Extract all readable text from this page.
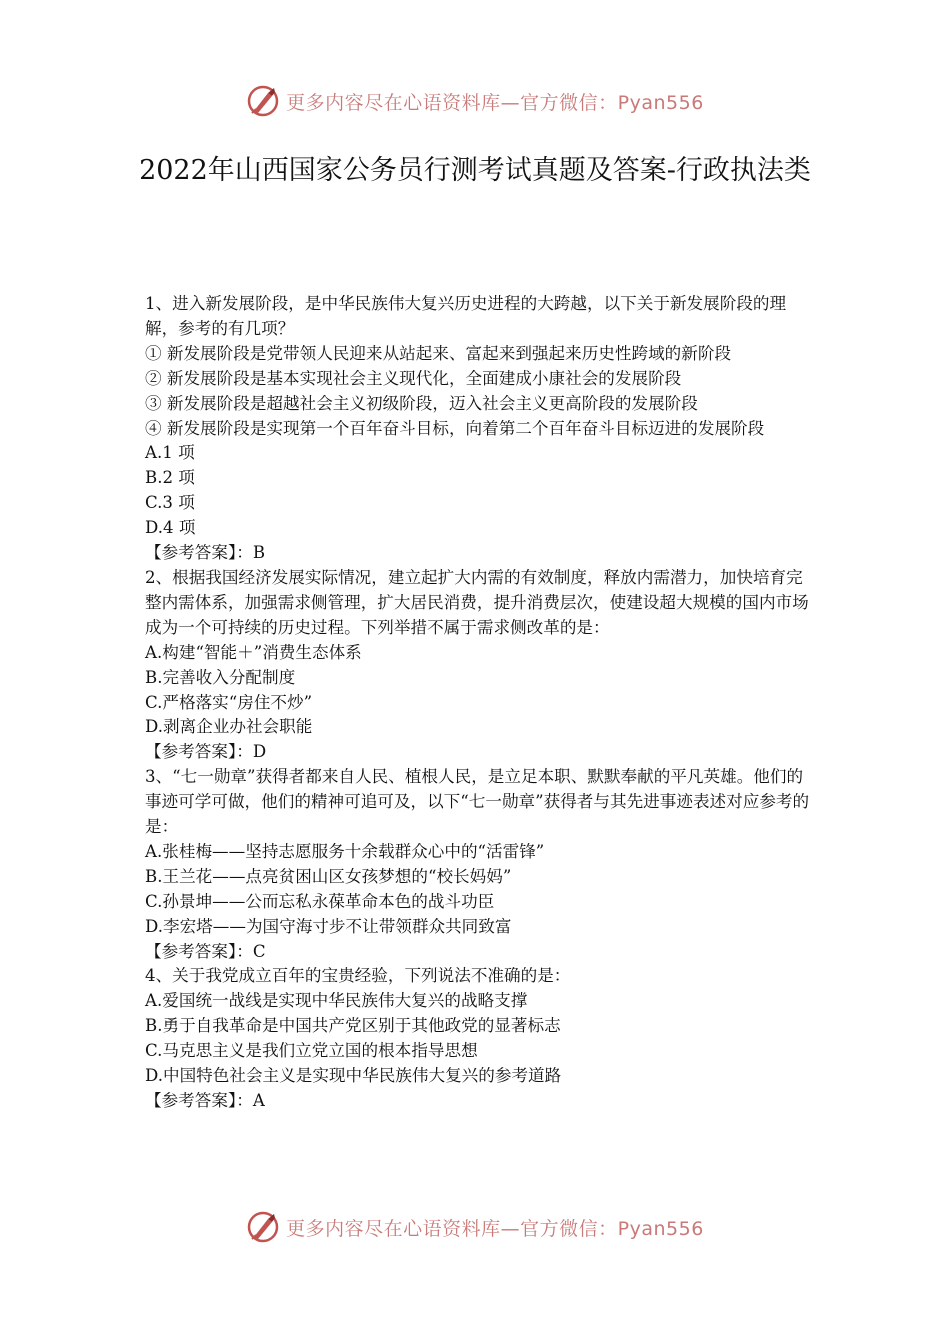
更多内容尽在心语资料库—官方微信：Pyan556
2022年山西国家公务员行测考试真题及答案-行政执法类

1、进入新发展阶段，是中华民族伟大复兴历史进程的大跨越，以下关于新发展阶段的理解，参考的有几项？

① 新发展阶段是党带领人民迎来从站起来、富起来到强起来历史性跨域的新阶段

② 新发展阶段是基本实现社会主义现代化，全面建成小康社会的发展阶段

③ 新发展阶段是超越社会主义初级阶段，迈入社会主义更高阶段的发展阶段

④ 新发展阶段是实现第一个百年奋斗目标，向着第二个百年奋斗目标迈进的发展阶段

A.1 项

B.2 项

C.3 项

D.4 项

【参考答案】：B

2、根据我国经济发展实际情况，建立起扩大内需的有效制度，释放内需潜力，加快培育完整内需体系，加强需求侧管理，扩大居民消费，提升消费层次，使建设超大规模的国内市场成为一个可持续的历史过程。下列举措不属于需求侧改革的是：

A.构建“智能＋”消费生态体系

B.完善收入分配制度

C.严格落实“房住不炒”

D.剥离企业办社会职能

【参考答案】：D

3、“七一勋章”获得者都来自人民、植根人民，是立足本职、默默奉献的平凡英雄。他们的事迹可学可做，他们的精神可追可及，以下“七一勋章”获得者与其先进事迹表述对应参考的是：

A.张桂梅——坚持志愿服务十余载群众心中的“活雷锋”

B.王兰花——点亮贫困山区女孩梦想的“校长妈妈”

C.孙景坤——公而忘私永葆革命本色的战斗功臣

D.李宏塔——为国守海寸步不让带领群众共同致富

【参考答案】：C

4、关于我党成立百年的宝贵经验，下列说法不准确的是：

A.爱国统一战线是实现中华民族伟大复兴的战略支撑

B.勇于自我革命是中国共产党区别于其他政党的显著标志

C.马克思主义是我们立党立国的根本指导思想

D.中国特色社会主义是实现中华民族伟大复兴的参考道路

【参考答案】：A

更多内容尽在心语资料库—官方微信：Pyan556
